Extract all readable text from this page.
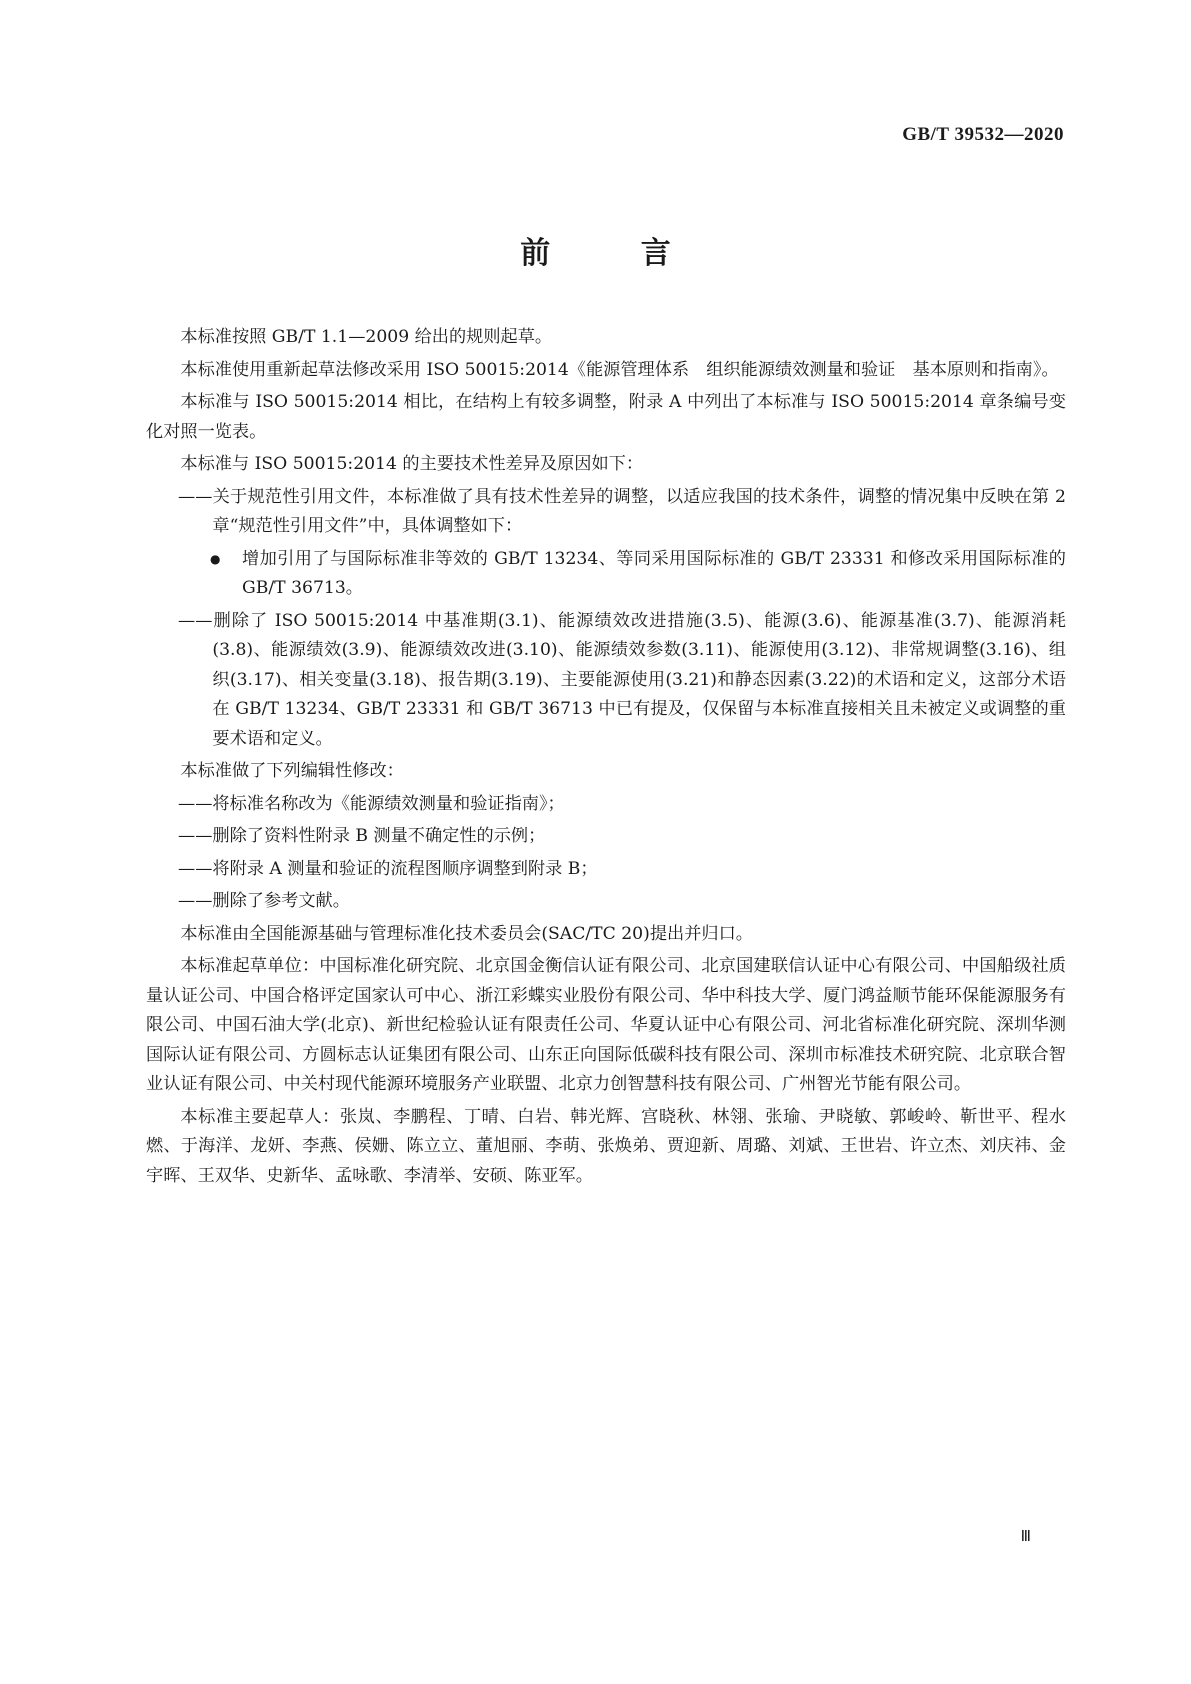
GB/T 39532—2020
前 言

本标准按照 GB/T 1.1—2009 给出的规则起草。

本标准使用重新起草法修改采用 ISO 50015:2014《能源管理体系　组织能源绩效测量和验证　基本原则和指南》。

本标准与 ISO 50015:2014 相比，在结构上有较多调整，附录 A 中列出了本标准与 ISO 50015:2014 章条编号变化对照一览表。

本标准与 ISO 50015:2014 的主要技术性差异及原因如下：

——关于规范性引用文件，本标准做了具有技术性差异的调整，以适应我国的技术条件，调整的情况集中反映在第 2 章“规范性引用文件”中，具体调整如下：

●	增加引用了与国际标准非等效的 GB/T 13234、等同采用国际标准的 GB/T 23331 和修改采用国际标准的 GB/T 36713。

——删除了 ISO 50015:2014 中基准期(3.1)、能源绩效改进措施(3.5)、能源(3.6)、能源基准(3.7)、能源消耗(3.8)、能源绩效(3.9)、能源绩效改进(3.10)、能源绩效参数(3.11)、能源使用(3.12)、非常规调整(3.16)、组织(3.17)、相关变量(3.18)、报告期(3.19)、主要能源使用(3.21)和静态因素(3.22)的术语和定义，这部分术语在 GB/T 13234、GB/T 23331 和 GB/T 36713 中已有提及，仅保留与本标准直接相关且未被定义或调整的重要术语和定义。

本标准做了下列编辑性修改：

——将标准名称改为《能源绩效测量和验证指南》；

——删除了资料性附录 B 测量不确定性的示例；

——将附录 A 测量和验证的流程图顺序调整到附录 B；

——删除了参考文献。

本标准由全国能源基础与管理标准化技术委员会(SAC/TC 20)提出并归口。

本标准起草单位：中国标准化研究院、北京国金衡信认证有限公司、北京国建联信认证中心有限公司、中国船级社质量认证公司、中国合格评定国家认可中心、浙江彩蝶实业股份有限公司、华中科技大学、厦门鸿益顺节能环保能源服务有限公司、中国石油大学(北京)、新世纪检验认证有限责任公司、华夏认证中心有限公司、河北省标准化研究院、深圳华测国际认证有限公司、方圆标志认证集团有限公司、山东正向国际低碳科技有限公司、深圳市标准技术研究院、北京联合智业认证有限公司、中关村现代能源环境服务产业联盟、北京力创智慧科技有限公司、广州智光节能有限公司。

本标准主要起草人：张岚、李鹏程、丁晴、白岩、韩光辉、宫晓秋、林翎、张瑜、尹晓敏、郭峻岭、靳世平、程水燃、于海洋、龙妍、李燕、侯姗、陈立立、董旭丽、李萌、张焕弟、贾迎新、周璐、刘斌、王世岩、许立杰、刘庆祎、金宇晖、王双华、史新华、孟咏歌、李清举、安硕、陈亚军。

Ⅲ
